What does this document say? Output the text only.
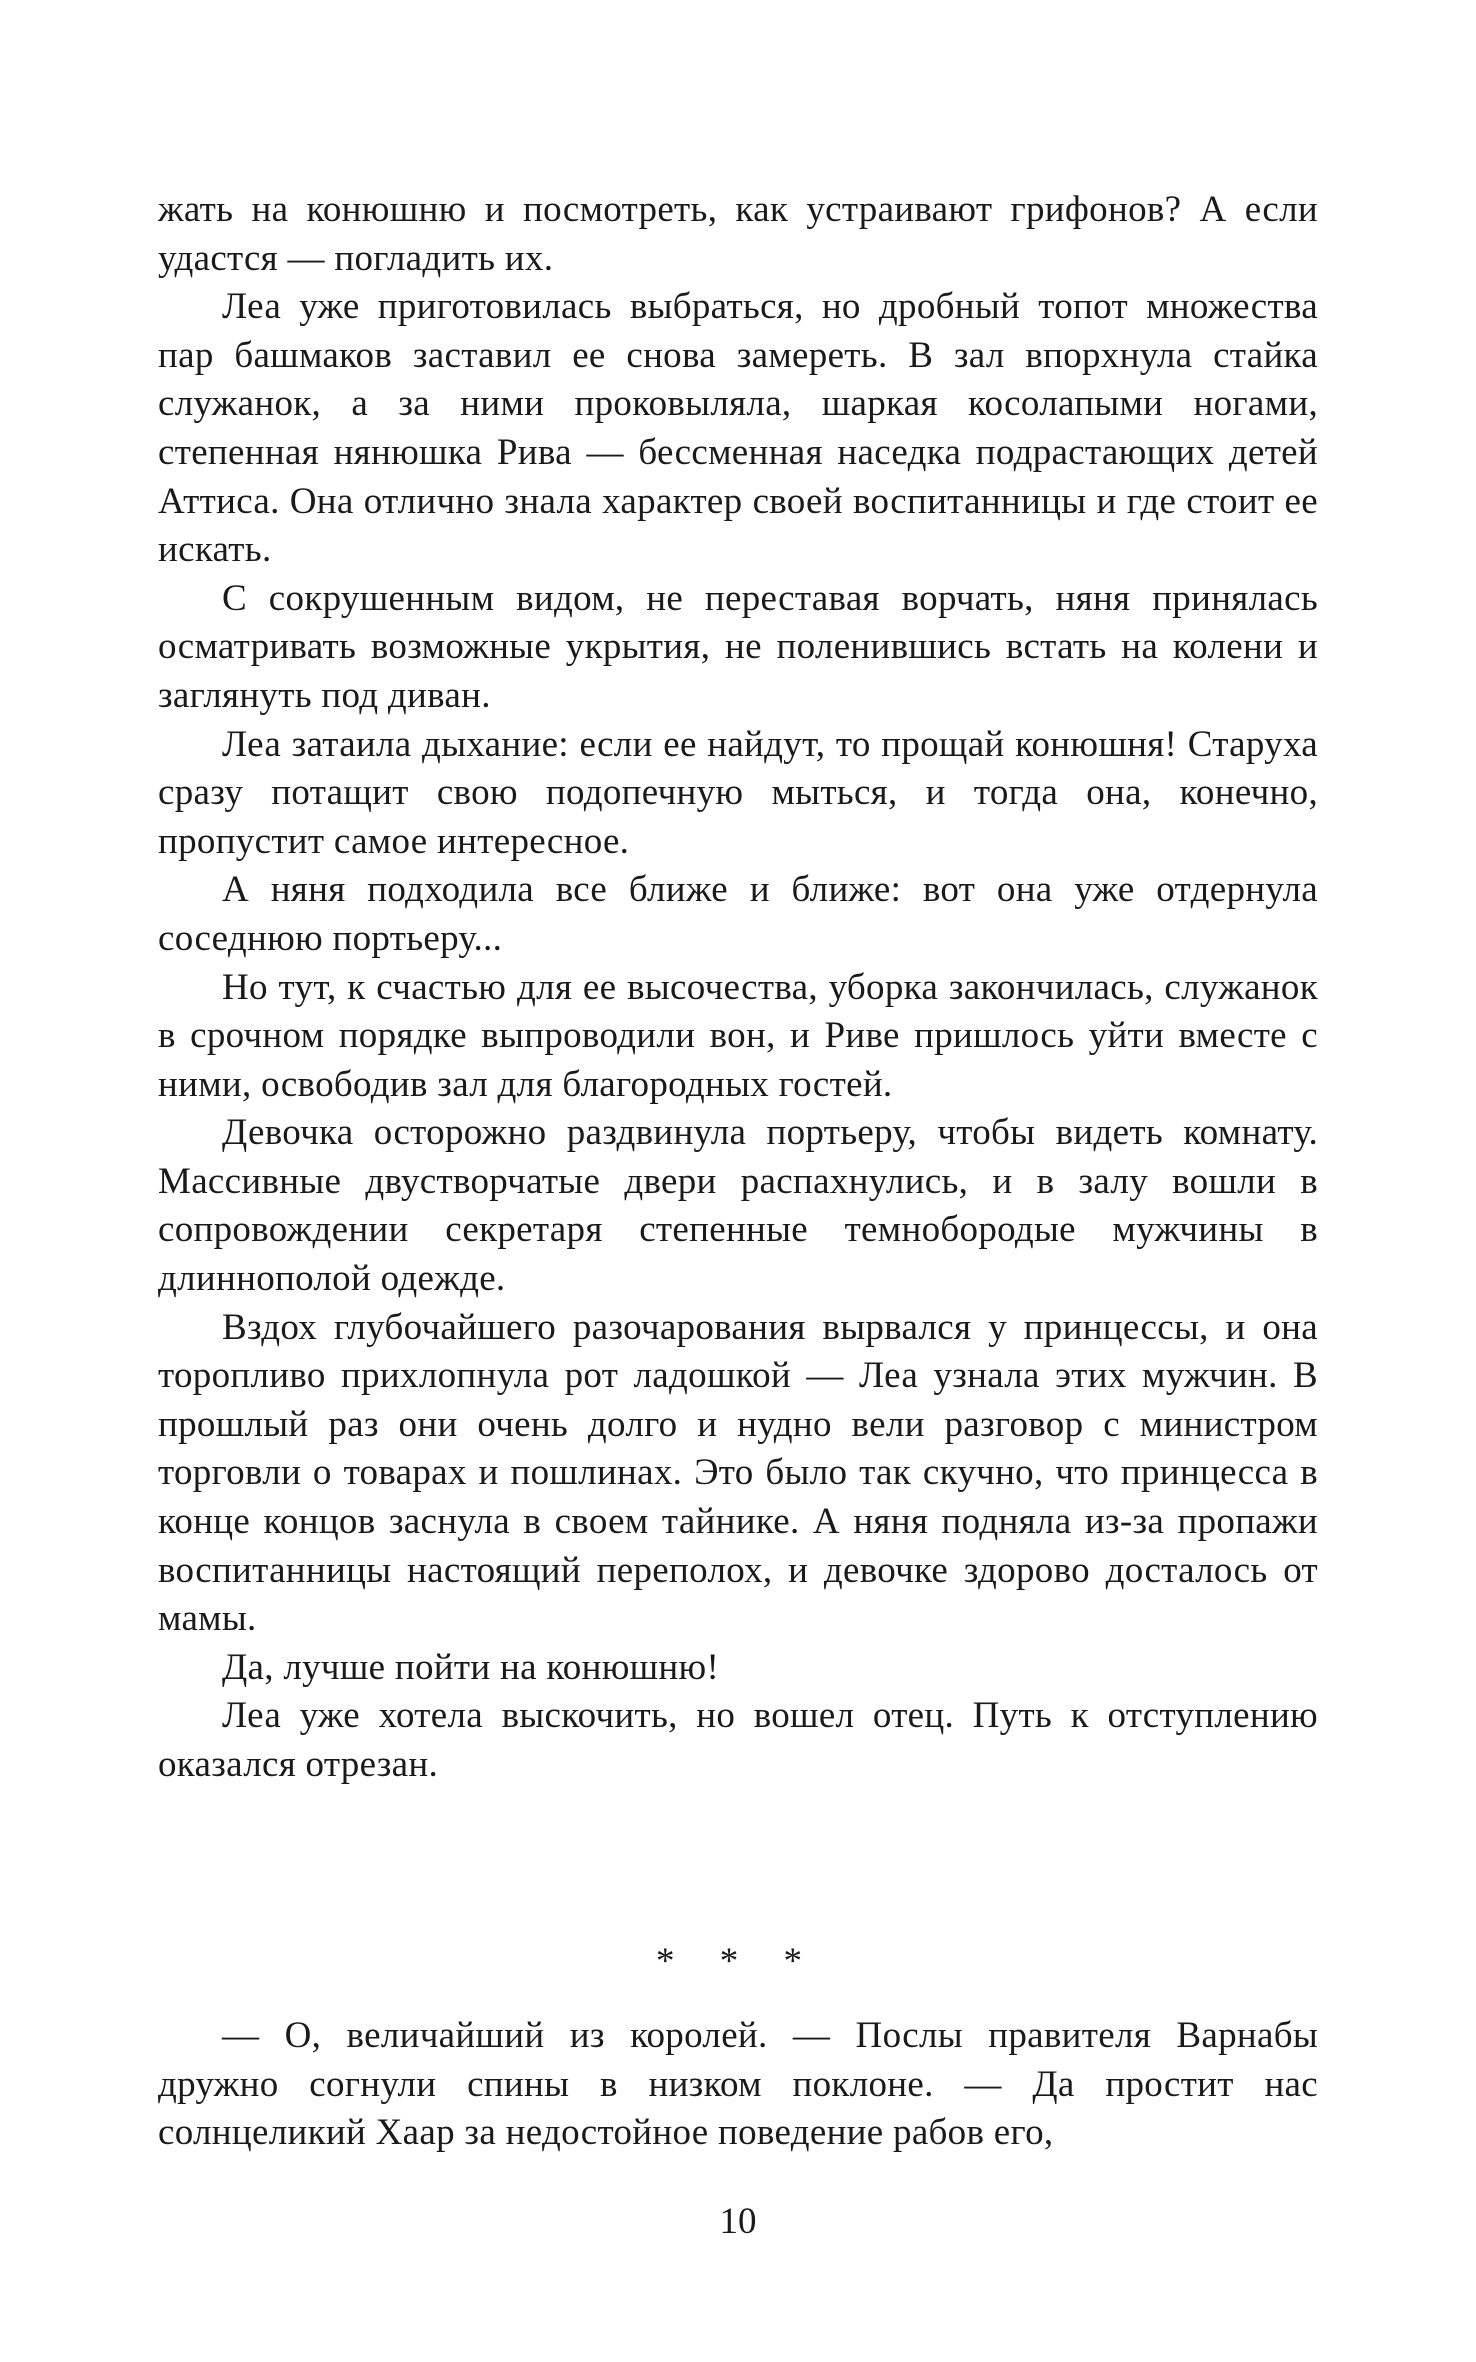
жать на конюшню и посмотреть, как устраивают грифонов? А если удастся — погладить их.

Леа уже приготовилась выбраться, но дробный топот множества пар башмаков заставил ее снова замереть. В зал впорхнула стайка служанок, а за ними проковыляла, шаркая косолапыми ногами, степенная нянюшка Рива — бессменная наседка подрастающих детей Аттиса. Она отлично знала характер своей воспитанницы и где стоит ее искать.

С сокрушенным видом, не переставая ворчать, няня принялась осматривать возможные укрытия, не поленившись встать на колени и заглянуть под диван.

Леа затаила дыхание: если ее найдут, то прощай конюшня! Старуха сразу потащит свою подопечную мыться, и тогда она, конечно, пропустит самое интересное.

А няня подходила все ближе и ближе: вот она уже отдернула соседнюю портьеру...

Но тут, к счастью для ее высочества, уборка закончилась, служанок в срочном порядке выпроводили вон, и Риве пришлось уйти вместе с ними, освободив зал для благородных гостей.

Девочка осторожно раздвинула портьеру, чтобы видеть комнату. Массивные двустворчатые двери распахнулись, и в залу вошли в сопровождении секретаря степенные темнобородые мужчины в длиннополой одежде.

Вздох глубочайшего разочарования вырвался у принцессы, и она торопливо прихлопнула рот ладошкой — Леа узнала этих мужчин. В прошлый раз они очень долго и нудно вели разговор с министром торговли о товарах и пошлинах. Это было так скучно, что принцесса в конце концов заснула в своем тайнике. А няня подняла из-за пропажи воспитанницы настоящий переполох, и девочке здорово досталось от мамы.

Да, лучше пойти на конюшню!

Леа уже хотела выскочить, но вошел отец. Путь к отступлению оказался отрезан.

* * *

— О, величайший из королей. — Послы правителя Варнабы дружно согнули спины в низком поклоне. — Да простит нас солнцеликий Хаар за недостойное поведение рабов его,

10
